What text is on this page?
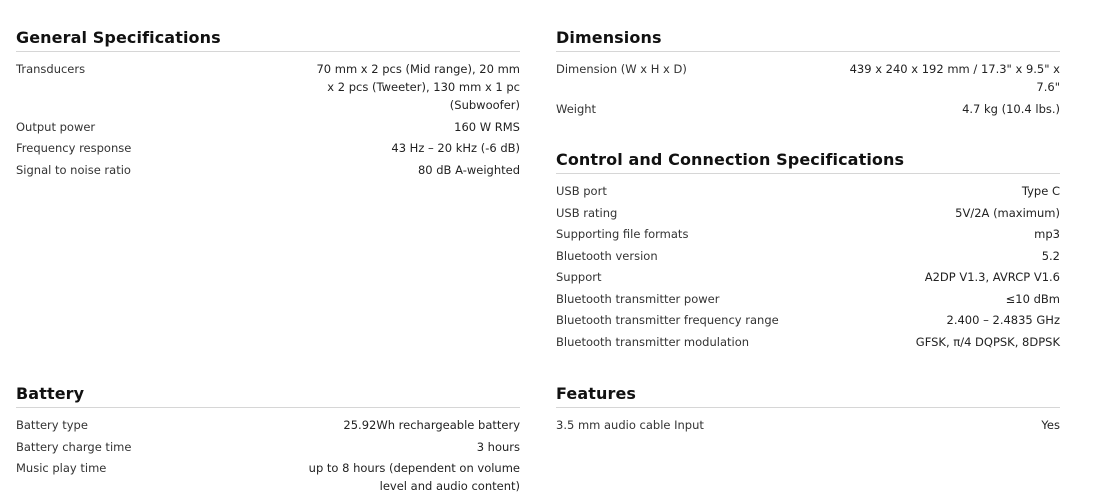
General Specifications
Transducers	70 mm x 2 pcs (Mid range), 20 mm x 2 pcs (Tweeter), 130 mm x 1 pc (Subwoofer)
Output power	160 W RMS
Frequency response	43 Hz – 20 kHz (-6 dB)
Signal to noise ratio	80 dB A-weighted
Dimensions
Dimension (W x H x D)	439 x 240 x 192 mm / 17.3" x 9.5" x 7.6"
Weight	4.7 kg (10.4 lbs.)
Control and Connection Specifications
USB port	Type C
USB rating	5V/2A (maximum)
Supporting file formats	mp3
Bluetooth version	5.2
Support	A2DP V1.3, AVRCP V1.6
Bluetooth transmitter power	≤10 dBm
Bluetooth transmitter frequency range	2.400 – 2.4835 GHz
Bluetooth transmitter modulation	GFSK, π/4 DQPSK, 8DPSK
Battery
Battery type	25.92Wh rechargeable battery
Battery charge time	3 hours
Music play time	up to 8 hours (dependent on volume level and audio content)
Features
3.5 mm audio cable Input	Yes
